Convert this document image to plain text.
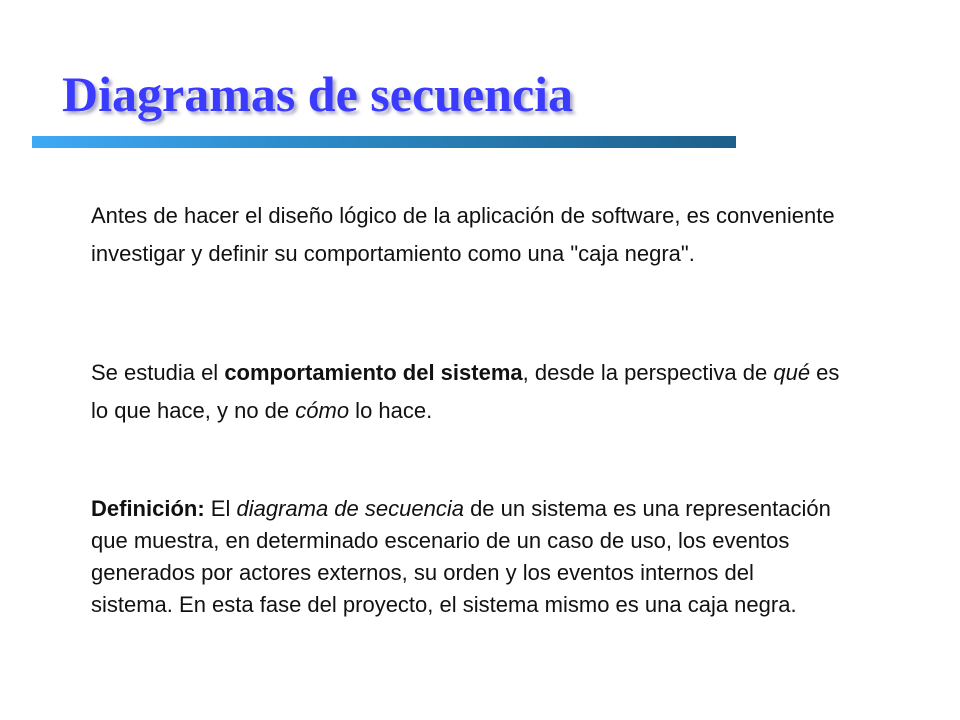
Diagramas de secuencia

Antes de hacer el diseño lógico de la aplicación de software, es conveniente investigar y definir su comportamiento como una "caja negra".

Se estudia el comportamiento del sistema, desde la perspectiva de qué es lo que hace, y no de cómo lo hace.

Definición: El diagrama de secuencia de un sistema es una representación que muestra, en determinado escenario de un caso de uso, los eventos generados por actores externos, su orden y los eventos internos del sistema. En esta fase del proyecto, el sistema mismo es una caja negra.
